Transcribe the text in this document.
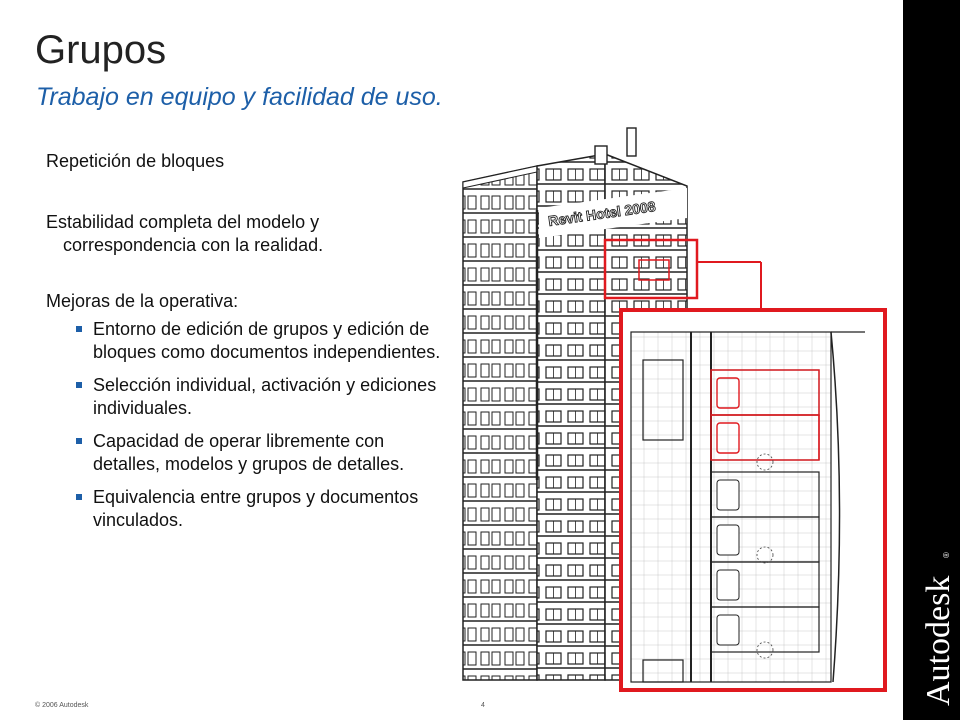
Grupos
Trabajo en equipo y facilidad de uso.

Repetición de bloques

Estabilidad completa del modelo y correspondencia con la realidad.

Mejoras de la operativa:

Entorno de edición de grupos y edición de bloques como documentos independientes.
Selección individual, activación y ediciones individuales.
Capacidad de operar libremente con detalles, modelos y grupos de detalles.
Equivalencia entre grupos y documentos vinculados.
Revit Hotel 2008
Autodesk
®
© 2006 Autodesk	4
